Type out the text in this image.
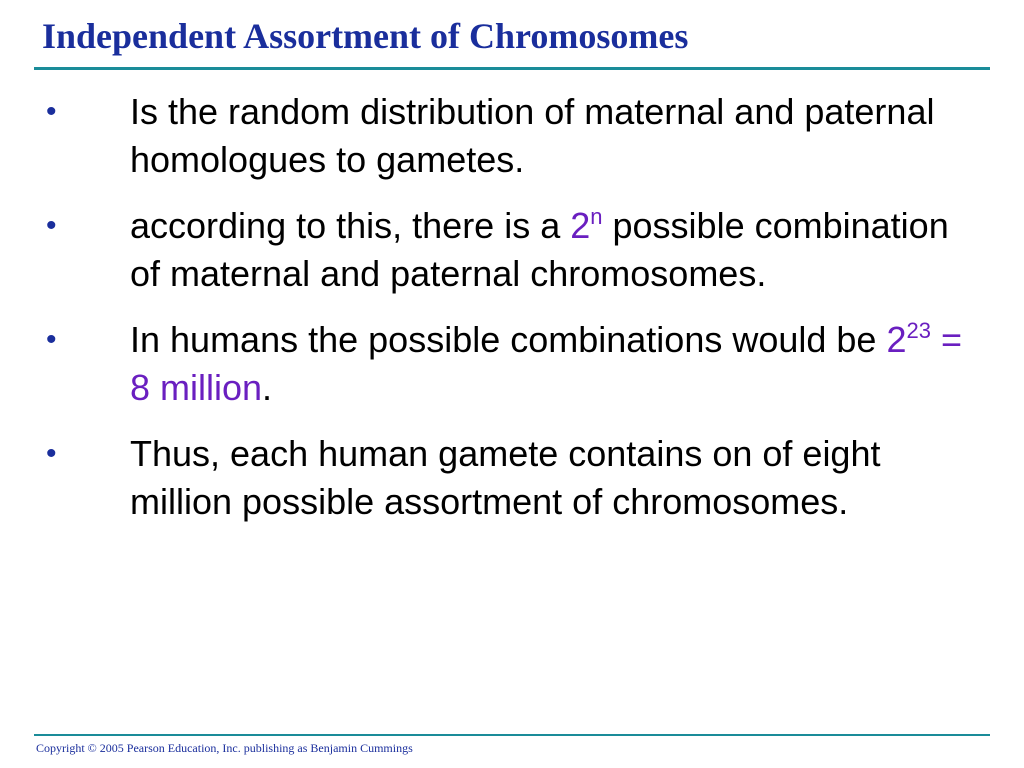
Independent Assortment of Chromosomes
• Is the random distribution of maternal and paternal homologues to gametes.
• according to this, there is a 2$^n$ possible combination of maternal and paternal chromosomes.
• In humans the possible combinations would be $2^{23} = 8$ million.
• Thus, each human gamete contains on of eight million possible assortment of chromosomes.
Copyright © 2005 Pearson Education, Inc. publishing as Benjamin Cummings
